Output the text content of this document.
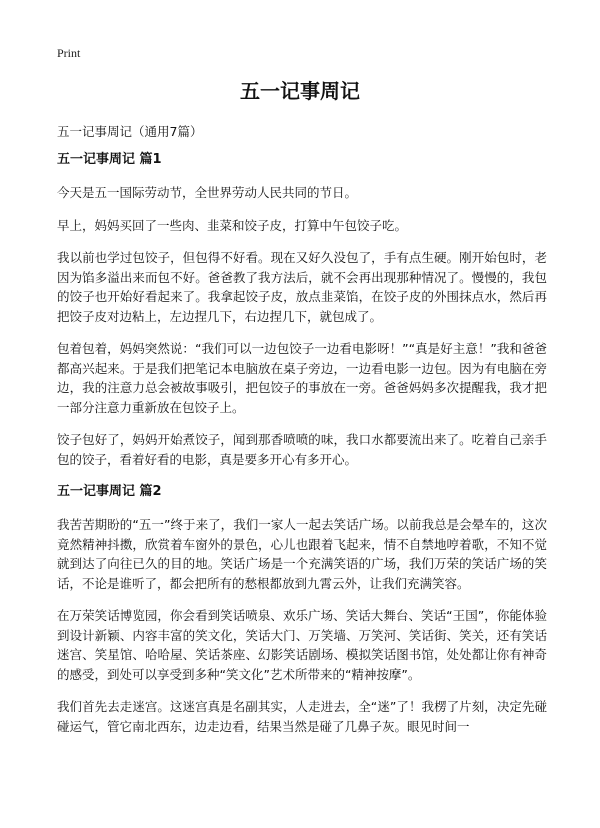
Print
五一记事周记

五一记事周记（通用7篇）

五一记事周记 篇1

今天是五一国际劳动节，全世界劳动人民共同的节日。

早上，妈妈买回了一些肉、韭菜和饺子皮，打算中午包饺子吃。

我以前也学过包饺子，但包得不好看。现在又好久没包了，手有点生硬。刚开始包时，老因为馅多溢出来而包不好。爸爸教了我方法后，就不会再出现那种情况了。慢慢的，我包的饺子也开始好看起来了。我拿起饺子皮，放点韭菜馅，在饺子皮的外围抹点水，然后再把饺子皮对边粘上，左边捏几下，右边捏几下，就包成了。

包着包着，妈妈突然说：“我们可以一边包饺子一边看电影呀！”“真是好主意！”我和爸爸都高兴起来。于是我们把笔记本电脑放在桌子旁边，一边看电影一边包。因为有电脑在旁边，我的注意力总会被故事吸引，把包饺子的事放在一旁。爸爸妈妈多次提醒我，我才把一部分注意力重新放在包饺子上。

饺子包好了，妈妈开始煮饺子，闻到那香喷喷的味，我口水都要流出来了。吃着自己亲手包的饺子，看着好看的电影，真是要多开心有多开心。

五一记事周记 篇2

我苦苦期盼的“五一”终于来了，我们一家人一起去笑话广场。以前我总是会晕车的，这次竟然精神抖擞，欣赏着车窗外的景色，心儿也跟着飞起来，情不自禁地哼着歌，不知不觉就到达了向往已久的目的地。笑话广场是一个充满笑语的广场，我们万荣的笑话广场的笑话，不论是谁听了，都会把所有的愁根都放到九霄云外，让我们充满笑容。

在万荣笑话博览园，你会看到笑话喷泉、欢乐广场、笑话大舞台、笑话“王国”，你能体验到设计新颖、内容丰富的笑文化，笑话大门、万笑墙、万笑河、笑话街、笑关，还有笑话迷宫、笑星馆、哈哈屋、笑话茶座、幻影笑话剧场、模拟笑话图书馆，处处都让你有神奇的感受，到处可以享受到多种“笑文化”艺术所带来的“精神按摩”。

我们首先去走迷宫。这迷宫真是名副其实，人走进去，全“迷”了！我楞了片刻，决定先碰碰运气，管它南北西东，边走边看，结果当然是碰了几鼻子灰。眼见时间一
